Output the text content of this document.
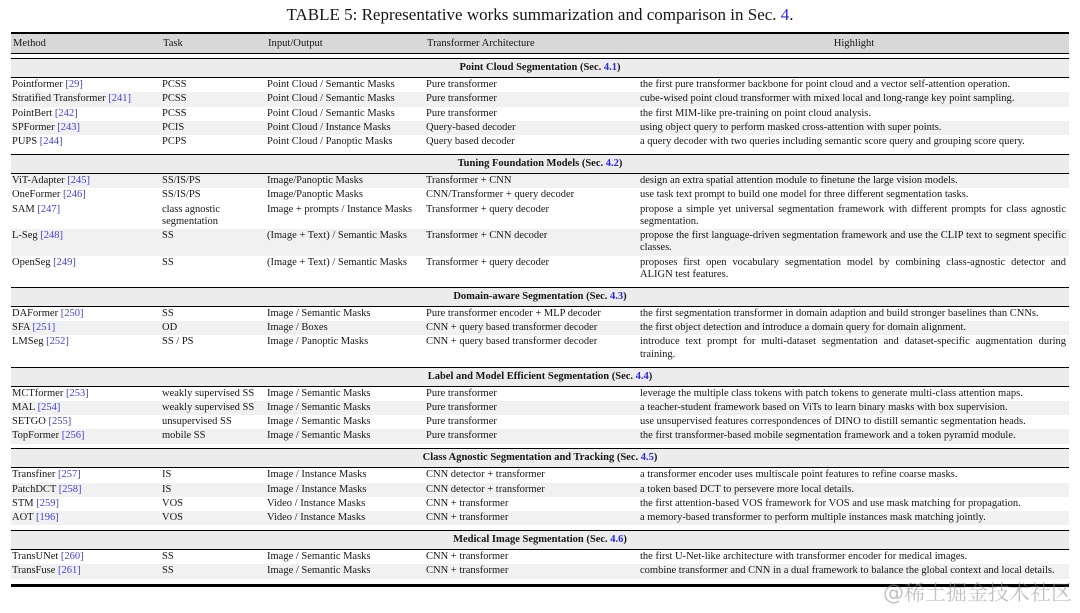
TABLE 5: Representative works summarization and comparison in Sec. 4.
Method	Task	Input/Output	Transformer Architecture	Highlight

Point Cloud Segmentation (Sec. 4.1)				
Pointformer [29]	PCSS	Point Cloud / Semantic Masks	Pure transformer	the first pure transformer backbone for point cloud and a vector self-attention operation.
Stratified Transformer [241]	PCSS	Point Cloud / Semantic Masks	Pure transformer	cube-wised point cloud transformer with mixed local and long-range key point sampling.
PointBert [242]	PCSS	Point Cloud / Semantic Masks	Pure transformer	the first MIM-like pre-training on point cloud analysis.
SPFormer [243]	PCIS	Point Cloud / Instance Masks	Query-based decoder	using object query to perform masked cross-attention with super points.
PUPS [244]	PCPS	Point Cloud / Panoptic Masks	Query based decoder	a query decoder with two queries including semantic score query and grouping score query.

Tuning Foundation Models (Sec. 4.2)				
ViT-Adapter [245]	SS/IS/PS	Image/Panoptic Masks	Transformer + CNN	design an extra spatial attention module to finetune the large vision models.
OneFormer [246]	SS/IS/PS	Image/Panoptic Masks	CNN/Transformer + query decoder	use task text prompt to build one model for three different segmentation tasks.
SAM [247]	class agnostic segmentation	Image + prompts / Instance Masks	Transformer + query decoder	propose a simple yet universal segmentation framework with different prompts for class agnostic segmentation.
L-Seg [248]	SS	(Image + Text) / Semantic Masks	Transformer + CNN decoder	propose the first language-driven segmentation framework and use the CLIP text to segment specific classes.
OpenSeg [249]	SS	(Image + Text) / Semantic Masks	Transformer + query decoder	proposes first open vocabulary segmentation model by combining class-agnostic detector and ALIGN test features.

Domain-aware Segmentation (Sec. 4.3)				
DAFormer [250]	SS	Image / Semantic Masks	Pure transformer encoder + MLP decoder	the first segmentation transformer in domain adaption and build stronger baselines than CNNs.
SFA [251]	OD	Image / Boxes	CNN + query based transformer decoder	the first object detection and introduce a domain query for domain alignment.
LMSeg [252]	SS / PS	Image / Panoptic Masks	CNN + query based transformer decoder	introduce text prompt for multi-dataset segmentation and dataset-specific augmentation during training.

Label and Model Efficient Segmentation (Sec. 4.4)				
MCTformer [253]	weakly supervised SS	Image / Semantic Masks	Pure transformer	leverage the multiple class tokens with patch tokens to generate multi-class attention maps.
MAL [254]	weakly supervised SS	Image / Semantic Masks	Pure transformer	a teacher-student framework based on ViTs to learn binary masks with box supervision.
SETGO [255]	unsupervised SS	Image / Semantic Masks	Pure transformer	use unsupervised features correspondences of DINO to distill semantic segmentation heads.
TopFormer [256]	mobile SS	Image / Semantic Masks	Pure transformer	the first transformer-based mobile segmentation framework and a token pyramid module.

Class Agnostic Segmentation and Tracking (Sec. 4.5)				
Transfiner [257]	IS	Image / Instance Masks	CNN detector + transformer	a transformer encoder uses multiscale point features to refine coarse masks.
PatchDCT [258]	IS	Image / Instance Masks	CNN detector + transformer	a token based DCT to persevere more local details.
STM [259]	VOS	Video / Instance Masks	CNN + transformer	the first attention-based VOS framework for VOS and use mask matching for propagation.
AOT [196]	VOS	Video / Instance Masks	CNN + transformer	a memory-based transformer to perform multiple instances mask matching jointly.

Medical Image Segmentation (Sec. 4.6)				
TransUNet [260]	SS	Image / Semantic Masks	CNN + transformer	the first U-Net-like architecture with transformer encoder for medical images.
TransFuse [261]	SS	Image / Semantic Masks	CNN + transformer	combine transformer and CNN in a dual framework to balance the global context and local details.

@稀土掘金技术社区
